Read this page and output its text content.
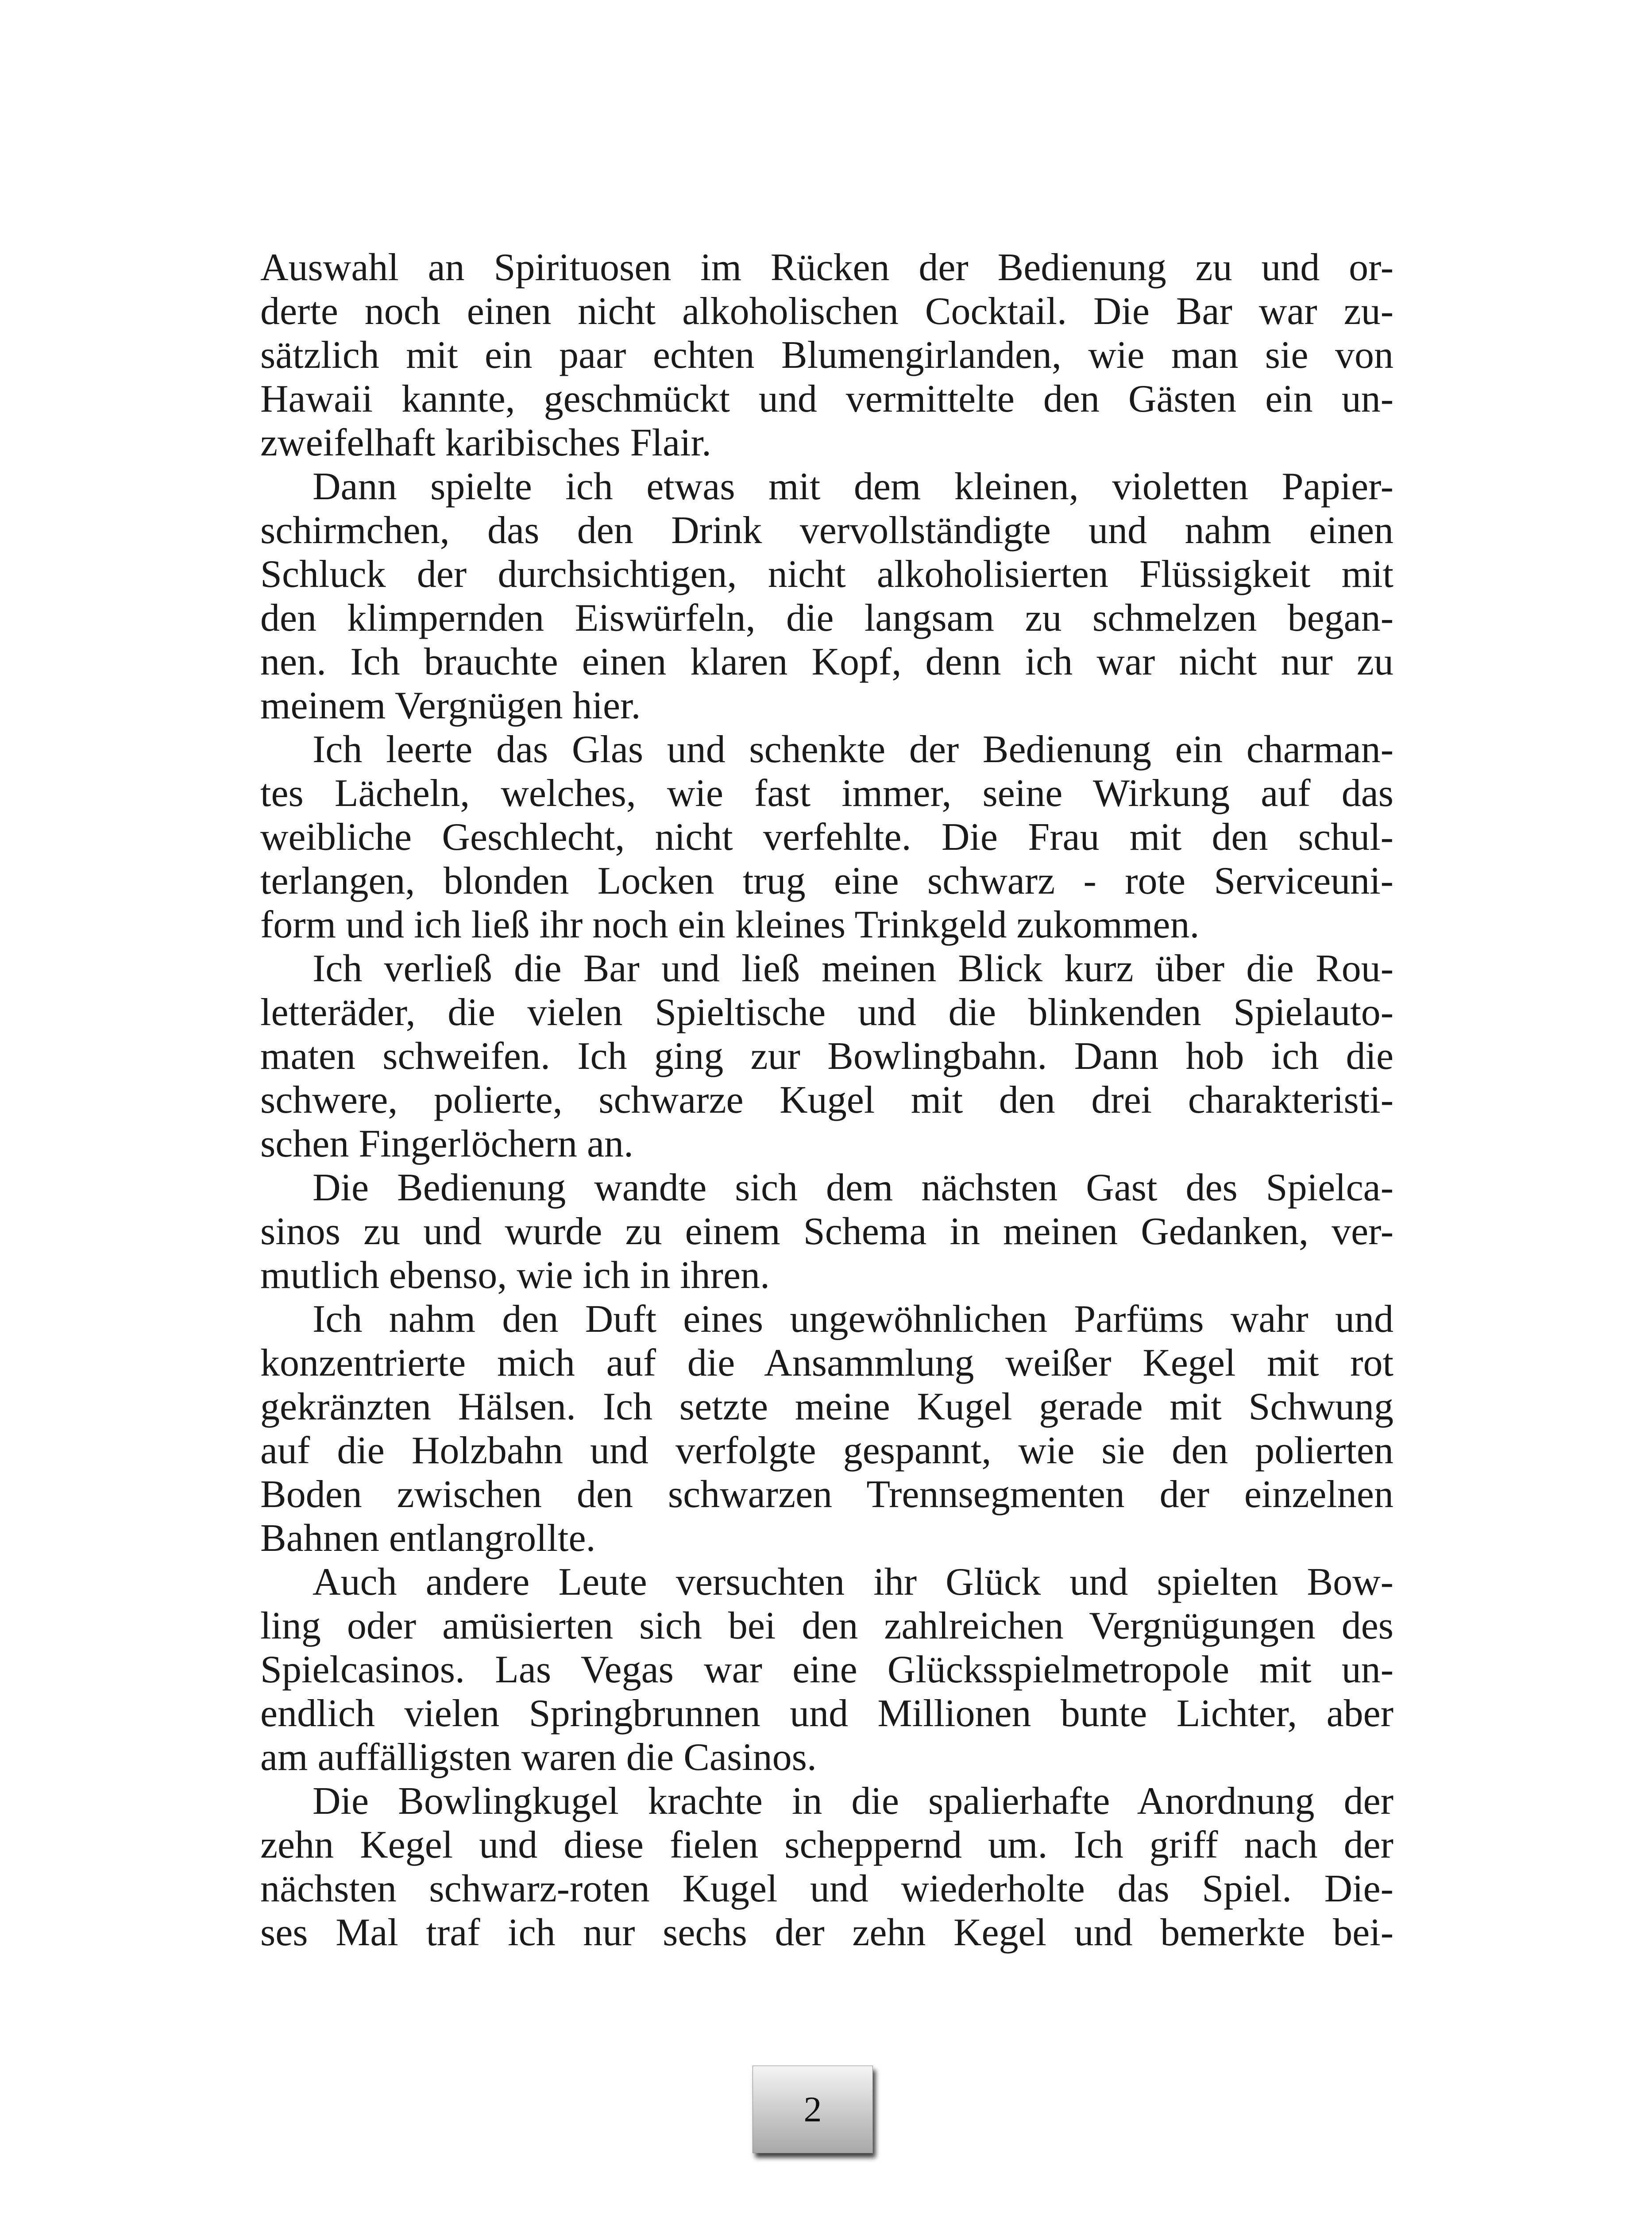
Auswahl an Spirituosen im Rücken der Bedienung zu und or-
derte noch einen nicht alkoholischen Cocktail. Die Bar war zu-
sätzlich mit ein paar echten Blumengirlanden, wie man sie von
Hawaii kannte, geschmückt und vermittelte den Gästen ein un-
zweifelhaft karibisches Flair.
Dann spielte ich etwas mit dem kleinen, violetten Papier-
schirmchen, das den Drink vervollständigte und nahm einen
Schluck der durchsichtigen, nicht alkoholisierten Flüssigkeit mit
den klimpernden Eiswürfeln, die langsam zu schmelzen began-
nen. Ich brauchte einen klaren Kopf, denn ich war nicht nur zu
meinem Vergnügen hier.
Ich leerte das Glas und schenkte der Bedienung ein charman-
tes Lächeln, welches, wie fast immer, seine Wirkung auf das
weibliche Geschlecht, nicht verfehlte. Die Frau mit den schul-
terlangen, blonden Locken trug eine schwarz - rote Serviceuni-
form und ich ließ ihr noch ein kleines Trinkgeld zukommen.
Ich verließ die Bar und ließ meinen Blick kurz über die Rou-
letteräder, die vielen Spieltische und die blinkenden Spielauto-
maten schweifen. Ich ging zur Bowlingbahn. Dann hob ich die
schwere, polierte, schwarze Kugel mit den drei charakteristi-
schen Fingerlöchern an.
Die Bedienung wandte sich dem nächsten Gast des Spielca-
sinos zu und wurde zu einem Schema in meinen Gedanken, ver-
mutlich ebenso, wie ich in ihren.
Ich nahm den Duft eines ungewöhnlichen Parfüms wahr und
konzentrierte mich auf die Ansammlung weißer Kegel mit rot
gekränzten Hälsen. Ich setzte meine Kugel gerade mit Schwung
auf die Holzbahn und verfolgte gespannt, wie sie den polierten
Boden zwischen den schwarzen Trennsegmenten der einzelnen
Bahnen entlangrollte.
Auch andere Leute versuchten ihr Glück und spielten Bow-
ling oder amüsierten sich bei den zahlreichen Vergnügungen des
Spielcasinos. Las Vegas war eine Glücksspielmetropole mit un-
endlich vielen Springbrunnen und Millionen bunte Lichter, aber
am auffälligsten waren die Casinos.
Die Bowlingkugel krachte in die spalierhafte Anordnung der
zehn Kegel und diese fielen scheppernd um. Ich griff nach der
nächsten schwarz-roten Kugel und wiederholte das Spiel. Die-
ses Mal traf ich nur sechs der zehn Kegel und bemerkte bei-
2
